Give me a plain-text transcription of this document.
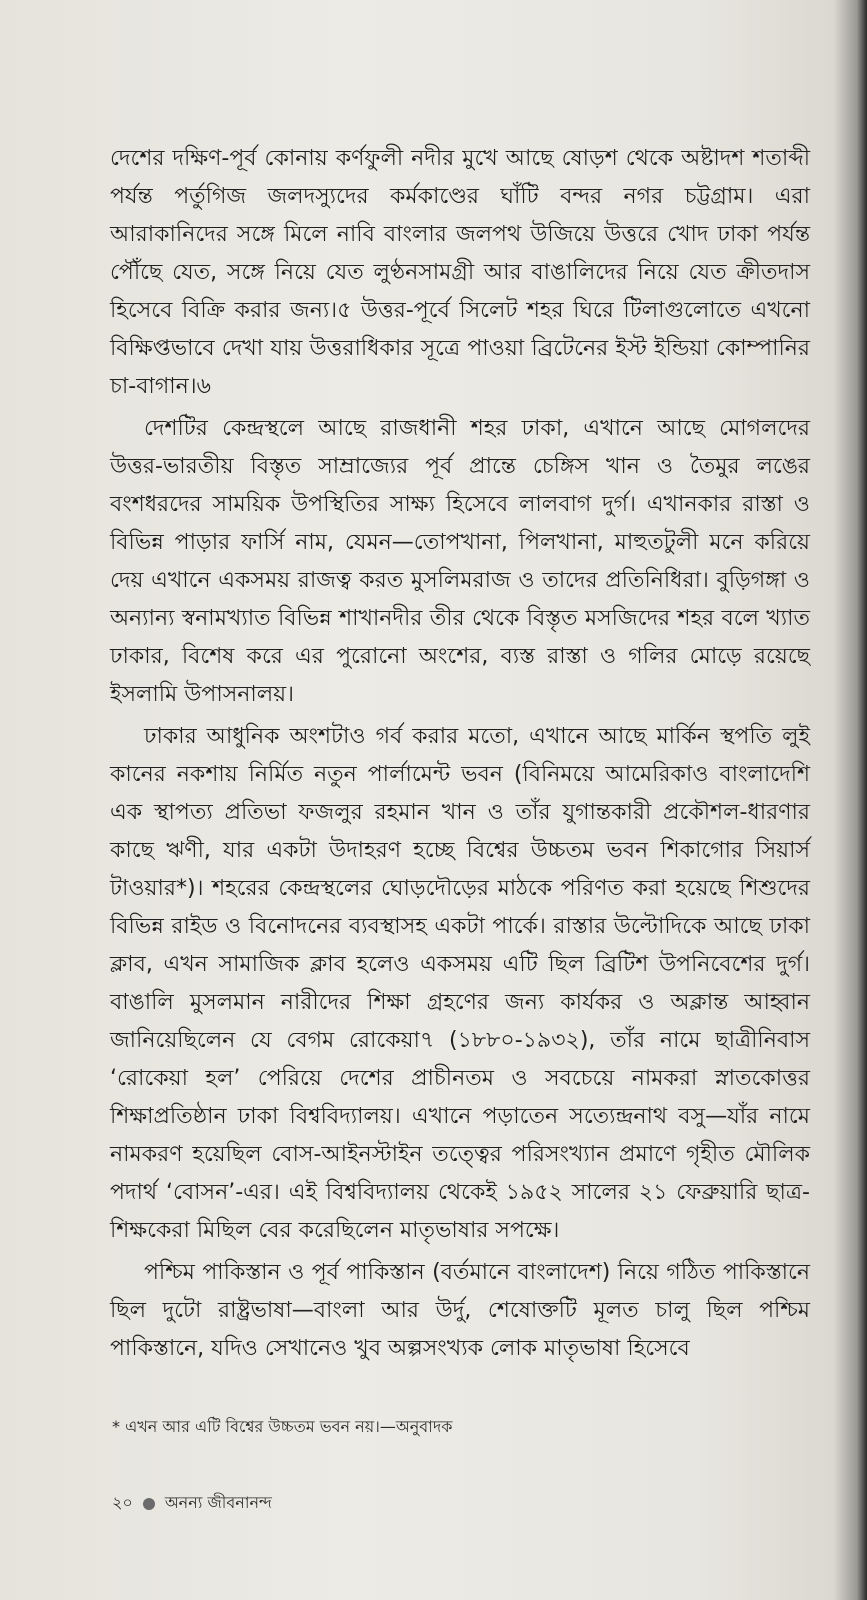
দেশের দক্ষিণ-পূর্ব কোনায় কর্ণফুলী নদীর মুখে আছে ষোড়শ থেকে অষ্টাদশ শতাব্দী পর্যন্ত পর্তুগিজ জলদস্যুদের কর্মকাণ্ডের ঘাঁটি বন্দর নগর চট্টগ্রাম। এরা আরাকানিদের সঙ্গে মিলে নাবি বাংলার জলপথ উজিয়ে উত্তরে খোদ ঢাকা পর্যন্ত পৌঁছে যেত, সঙ্গে নিয়ে যেত লুণ্ঠনসামগ্রী আর বাঙালিদের নিয়ে যেত ক্রীতদাস হিসেবে বিক্রি করার জন্য।৫ উত্তর-পূর্বে সিলেট শহর ঘিরে টিলাগুলোতে এখনো বিক্ষিপ্তভাবে দেখা যায় উত্তরাধিকার সূত্রে পাওয়া ব্রিটেনের ইস্ট ইন্ডিয়া কোম্পানির চা-বাগান।৬

দেশটির কেন্দ্রস্থলে আছে রাজধানী শহর ঢাকা, এখানে আছে মোগলদের উত্তর-ভারতীয় বিস্তৃত সাম্রাজ্যের পূর্ব প্রান্তে চেঙ্গিস খান ও তৈমুর লঙের বংশধরদের সাময়িক উপস্থিতির সাক্ষ্য হিসেবে লালবাগ দুর্গ। এখানকার রাস্তা ও বিভিন্ন পাড়ার ফার্সি নাম, যেমন—তোপখানা, পিলখানা, মাহুতটুলী মনে করিয়ে দেয় এখানে একসময় রাজত্ব করত মুসলিমরাজ ও তাদের প্রতিনিধিরা। বুড়িগঙ্গা ও অন্যান্য স্বনামখ্যাত বিভিন্ন শাখানদীর তীর থেকে বিস্তৃত মসজিদের শহর বলে খ্যাত ঢাকার, বিশেষ করে এর পুরোনো অংশের, ব্যস্ত রাস্তা ও গলির মোড়ে রয়েছে ইসলামি উপাসনালয়।

ঢাকার আধুনিক অংশটাও গর্ব করার মতো, এখানে আছে মার্কিন স্থপতি লুই কানের নকশায় নির্মিত নতুন পার্লামেন্ট ভবন (বিনিময়ে আমেরিকাও বাংলাদেশি এক স্থাপত্য প্রতিভা ফজলুর রহমান খান ও তাঁর যুগান্তকারী প্রকৌশল-ধারণার কাছে ঋণী, যার একটা উদাহরণ হচ্ছে বিশ্বের উচ্চতম ভবন শিকাগোর সিয়ার্স টাওয়ার*)। শহরের কেন্দ্রস্থলের ঘোড়দৌড়ের মাঠকে পরিণত করা হয়েছে শিশুদের বিভিন্ন রাইড ও বিনোদনের ব্যবস্থাসহ একটা পার্কে। রাস্তার উল্টোদিকে আছে ঢাকা ক্লাব, এখন সামাজিক ক্লাব হলেও একসময় এটি ছিল ব্রিটিশ উপনিবেশের দুর্গ। বাঙালি মুসলমান নারীদের শিক্ষা গ্রহণের জন্য কার্যকর ও অক্লান্ত আহ্বান জানিয়েছিলেন যে বেগম রোকেয়া৭ (১৮৮০-১৯৩২), তাঁর নামে ছাত্রীনিবাস ‘রোকেয়া হল’ পেরিয়ে দেশের প্রাচীনতম ও সবচেয়ে নামকরা স্নাতকোত্তর শিক্ষাপ্রতিষ্ঠান ঢাকা বিশ্ববিদ্যালয়। এখানে পড়াতেন সত্যেন্দ্রনাথ বসু—যাঁর নামে নামকরণ হয়েছিল বোস-আইনস্টাইন তত্ত্বের পরিসংখ্যান প্রমাণে গৃহীত মৌলিক পদার্থ ‘বোসন’-এর। এই বিশ্ববিদ্যালয় থেকেই ১৯৫২ সালের ২১ ফেব্রুয়ারি ছাত্র-শিক্ষকেরা মিছিল বের করেছিলেন মাতৃভাষার সপক্ষে।

পশ্চিম পাকিস্তান ও পূর্ব পাকিস্তান (বর্তমানে বাংলাদেশ) নিয়ে গঠিত পাকিস্তানে ছিল দুটো রাষ্ট্রভাষা—বাংলা আর উর্দু, শেষোক্তটি মূলত চালু ছিল পশ্চিম পাকিস্তানে, যদিও সেখানেও খুব অল্পসংখ্যক লোক মাতৃভাষা হিসেবে

* এখন আর এটি বিশ্বের উচ্চতম ভবন নয়।—অনুবাদক
২০ অনন্য জীবনানন্দ
